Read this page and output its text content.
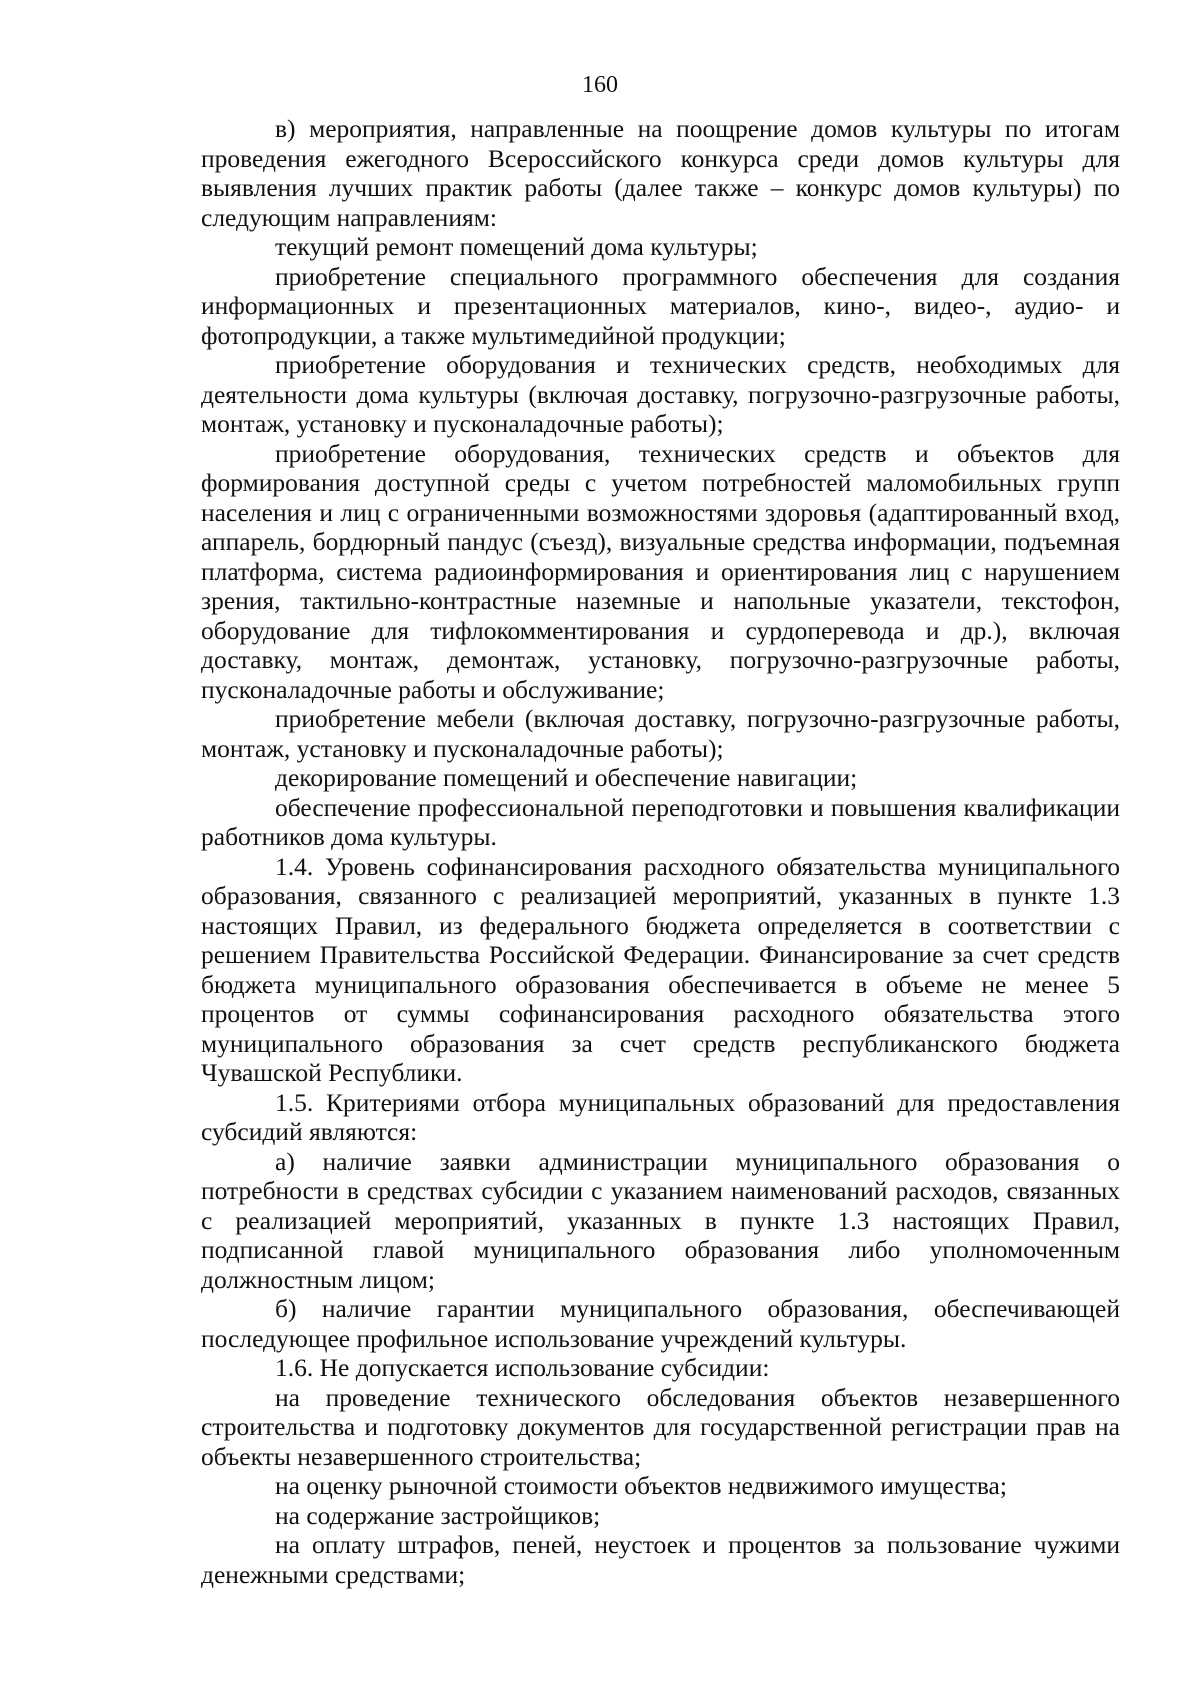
160

в) мероприятия, направленные на поощрение домов культуры по итогам проведения ежегодного Всероссийского конкурса среди домов культуры для выявления лучших практик работы (далее также – конкурс домов культуры) по следующим направлениям:

текущий ремонт помещений дома культуры;

приобретение специального программного обеспечения для создания информационных и презентационных материалов, кино-, видео-, аудио- и фотопродукции, а также мультимедийной продукции;

приобретение оборудования и технических средств, необходимых для деятельности дома культуры (включая доставку, погрузочно-разгрузочные работы, монтаж, установку и пусконаладочные работы);

приобретение оборудования, технических средств и объектов для формирования доступной среды с учетом потребностей маломобильных групп населения и лиц с ограниченными возможностями здоровья (адаптированный вход, аппарель, бордюрный пандус (съезд), визуальные средства информации, подъемная платформа, система радиоинформирования и ориентирования лиц с нарушением зрения, тактильно-контрастные наземные и напольные указатели, текстофон, оборудование для тифлокомментирования и сурдоперевода и др.), включая доставку, монтаж, демонтаж, установку, погрузочно-разгрузочные работы, пусконаладочные работы и обслуживание;

приобретение мебели (включая доставку, погрузочно-разгрузочные работы, монтаж, установку и пусконаладочные работы);

декорирование помещений и обеспечение навигации;

обеспечение профессиональной переподготовки и повышения квалификации работников дома культуры.

1.4. Уровень софинансирования расходного обязательства муниципального образования, связанного с реализацией мероприятий, указанных в пункте 1.3 настоящих Правил, из федерального бюджета определяется в соответствии с решением Правительства Российской Федерации. Финансирование за счет средств бюджета муниципального образования обеспечивается в объеме не менее 5 процентов от суммы софинансирования расходного обязательства этого муниципального образования за счет средств республиканского бюджета Чувашской Республики.

1.5. Критериями отбора муниципальных образований для предоставления субсидий являются:

а) наличие заявки администрации муниципального образования о потребности в средствах субсидии с указанием наименований расходов, связанных с реализацией мероприятий, указанных в пункте 1.3 настоящих Правил, подписанной главой муниципального образования либо уполномоченным должностным лицом;

б) наличие гарантии муниципального образования, обеспечивающей последующее профильное использование учреждений культуры.

1.6. Не допускается использование субсидии:

на проведение технического обследования объектов незавершенного строительства и подготовку документов для государственной регистрации прав на объекты незавершенного строительства;

на оценку рыночной стоимости объектов недвижимого имущества;

на содержание застройщиков;

на оплату штрафов, пеней, неустоек и процентов за пользование чужими денежными средствами;
